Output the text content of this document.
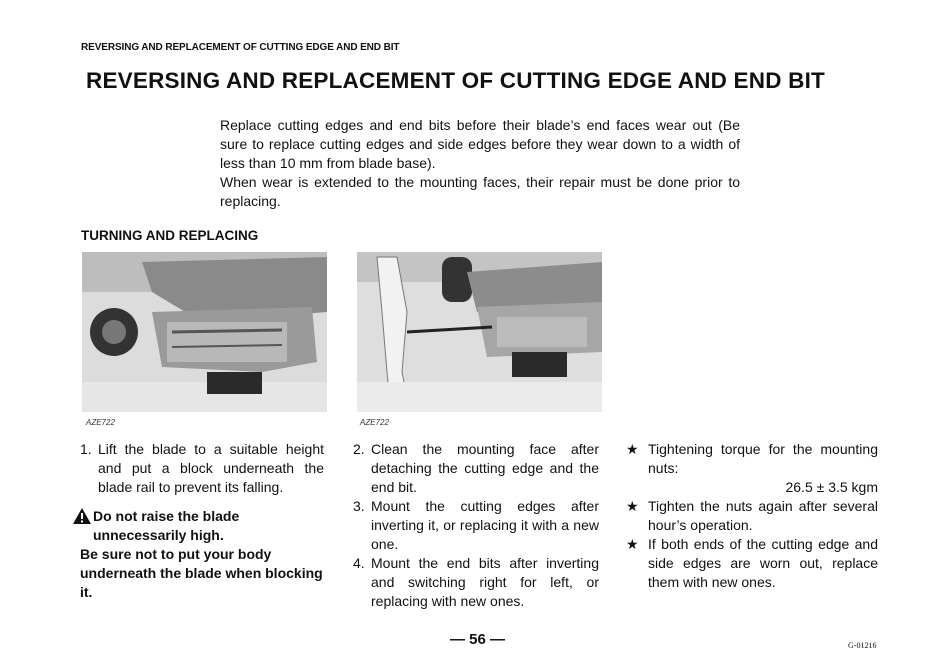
REVERSING AND REPLACEMENT OF CUTTING EDGE AND END BIT
REVERSING AND REPLACEMENT OF CUTTING EDGE AND END BIT

Replace cutting edges and end bits before their blade’s end faces wear out (Be sure to replace cutting edges and side edges before they wear down to a width of less than 10 mm from blade base).

When wear is extended to the mounting faces, their repair must be done prior to replacing.

TURNING AND REPLACING
AZE722	AZE722
1. Lift the blade to a suitable height and put a block underneath the blade rail to prevent its falling.
Do not raise the blade unnecessarily high.
Be sure not to put your body underneath the blade when blocking it.
2. Clean the mounting face after detaching the cutting edge and the end bit.
3. Mount the cutting edges after inverting it, or replacing it with a new one.
4. Mount the end bits after inverting and switching right for left, or replacing with new ones.
★ Tightening torque for the mounting nuts:
26.5 ± 3.5 kgm
★ Tighten the nuts again after several hour’s operation.
★ If both ends of the cutting edge and side edges are worn out, replace them with new ones.
— 56 —	G-01216
